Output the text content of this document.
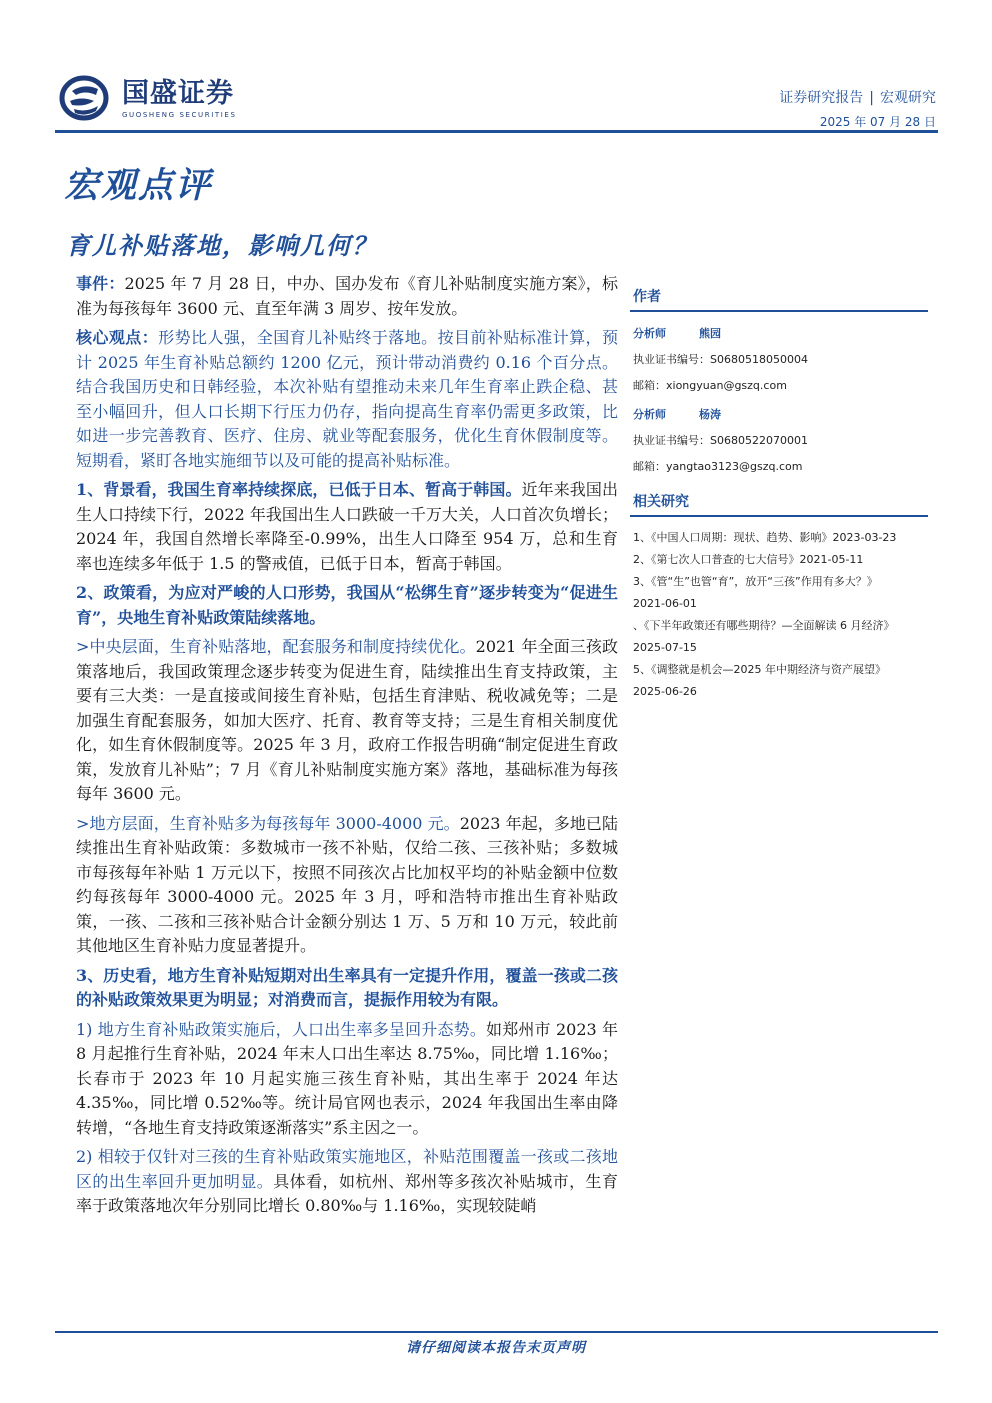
国盛证券
GUOSHENG SECURITIES
证券研究报告 | 宏观研究
2025 年 07 月 28 日
宏观点评
育儿补贴落地，影响几何？

事件：2025 年 7 月 28 日，中办、国办发布《育儿补贴制度实施方案》，标准为每孩每年 3600 元、直至年满 3 周岁、按年发放。

核心观点：形势比人强，全国育儿补贴终于落地。按目前补贴标准计算，预计 2025 年生育补贴总额约 1200 亿元，预计带动消费约 0.16 个百分点。结合我国历史和日韩经验，本次补贴有望推动未来几年生育率止跌企稳、甚至小幅回升，但人口长期下行压力仍存，指向提高生育率仍需更多政策，比如进一步完善教育、医疗、住房、就业等配套服务，优化生育休假制度等。短期看，紧盯各地实施细节以及可能的提高补贴标准。

1、背景看，我国生育率持续探底，已低于日本、暂高于韩国。近年来我国出生人口持续下行，2022 年我国出生人口跌破一千万大关，人口首次负增长； 2024 年，我国自然增长率降至-0.99%，出生人口降至 954 万，总和生育率也连续多年低于 1.5 的警戒值，已低于日本，暂高于韩国。

2、政策看，为应对严峻的人口形势，我国从“松绑生育”逐步转变为“促进生育”，央地生育补贴政策陆续落地。

>中央层面，生育补贴落地，配套服务和制度持续优化。2021 年全面三孩政策落地后，我国政策理念逐步转变为促进生育，陆续推出生育支持政策，主要有三大类：一是直接或间接生育补贴，包括生育津贴、税收减免等；二是加强生育配套服务，如加大医疗、托育、教育等支持；三是生育相关制度优化，如生育休假制度等。2025 年 3 月，政府工作报告明确“制定促进生育政策，发放育儿补贴”；7 月《育儿补贴制度实施方案》落地，基础标准为每孩每年 3600 元。

>地方层面，生育补贴多为每孩每年 3000-4000 元。2023 年起，多地已陆续推出生育补贴政策：多数城市一孩不补贴，仅给二孩、三孩补贴；多数城市每孩每年补贴 1 万元以下，按照不同孩次占比加权平均的补贴金额中位数约每孩每年 3000-4000 元。2025 年 3 月，呼和浩特市推出生育补贴政策，一孩、二孩和三孩补贴合计金额分别达 1 万、5 万和 10 万元，较此前其他地区生育补贴力度显著提升。

3、历史看，地方生育补贴短期对出生率具有一定提升作用，覆盖一孩或二孩的补贴政策效果更为明显；对消费而言，提振作用较为有限。

1) 地方生育补贴政策实施后，人口出生率多呈回升态势。如郑州市 2023 年 8 月起推行生育补贴，2024 年末人口出生率达 8.75‰，同比增 1.16‰；长春市于 2023 年 10 月起实施三孩生育补贴，其出生率于 2024 年达 4.35‰，同比增 0.52‰等。统计局官网也表示，2024 年我国出生率由降转增，“各地生育支持政策逐渐落实”系主因之一。

2) 相较于仅针对三孩的生育补贴政策实施地区，补贴范围覆盖一孩或二孩地区的出生率回升更加明显。具体看，如杭州、郑州等多孩次补贴城市，生育率于政策落地次年分别同比增长 0.80‰与 1.16‰，实现较陡峭

作者
分析师	熊园
执业证书编号：S0680518050004
邮箱：xiongyuan@gszq.com
分析师	杨涛
执业证书编号：S0680522070001
邮箱：yangtao3123@gszq.com
相关研究
1、《中国人口周期：现状、趋势、影响》2023-03-23
2、《第七次人口普查的七大信号》2021-05-11
3、《管“生”也管“育”，放开“三孩”作用有多大？》
2021-06-01
、《下半年政策还有哪些期待？—全面解读 6 月经济》
2025-07-15
5、《调整就是机会—2025 年中期经济与资产展望》
2025-06-26
请仔细阅读本报告末页声明
